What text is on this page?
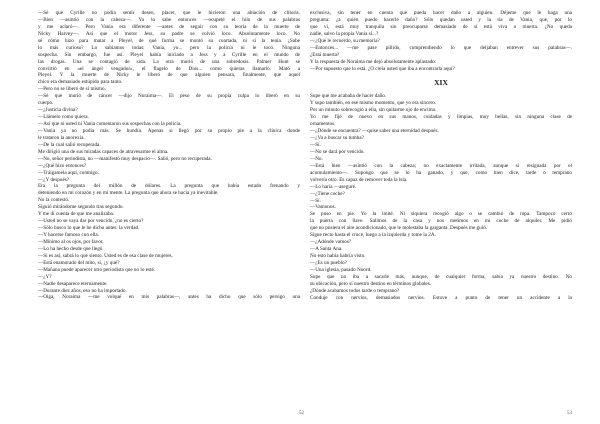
—Sé que Cyrille no podía sentir deseo, placer, que le hicieron una ablación de clítoris.
—Bien —asintió con la cabeza—. Yo lo sabe entonces —ocupeté el hilo de sus palabras
y me aclaró—. Pero Vania era diferente —antes de seguir con su teoría de la muerte de
Nicky Harvey—. Así que el motor Jess, su padre se volvió loco. Absolutamente loco. No
sé cómo hizo para matar a Pleyel, de qué forma se montó su coartada, ni si la tenía. ¿Sabe
lo más curioso? Lo sabíamos todas: Vania, yo... pero la policía ni le tocó. Ninguna
sospecha. Sin embargo, fue así. Pleyel había iniciado a Jess y a Cyrille en el mundo de
las drogas. Una se contagió de sida. La otra murió de una sobredosis. Palmer Hunt se
convirtió en «el ángel vengador», el flagelo de Dios... como quieras llamarlo. Mató a
Pleyel. Y la muerte de Nicky le liberó de que alguien pensara, finalmente, que aquel
chico era demasiado estúpido para tanto.
—Pero no se liberó de sí mismo.
—Sé que murió de cáncer —dijo Noraima—. El peso de su propia culpa lo liberó en su
cuerpo.
—¿Justicia divina?
—Llámelo como quiera.
—Así que ni usted ni Vania comentaron sus sospechas con la policía.
—Vania ya no podía más. Se hundía. Apenas si llegó por su propio pie a la clínica donde
le trataron la anorexia.
—De la cual salió recuperada.
Me dirigió una de sus miradas capaces de atravesarme el alma.
—No, señor periodista, no —manifestó muy despacio—. Salió, pero no recuperada.
—¿Qué hizo entonces?
—Tráigamela aquí, conmigo.
—¿Y después?
Era la pregunta del millón de dólares. La pregunta que había estado frenando y
deteniendo en mi corazón y en mi mente. La pregunta que ahora se hacía ya inevitable.
No la contestó.
Siguió mirándome segundo tras segundo.
Y me di cuenta de que me analizaba.
—Usted no se vaya dar por vencido, ¿no es cierto?
—Sólo busco lo que le he dicho antes: la verdad.
—Y hacerse famoso con ella.
—Mínimo al os ojos, por favor.
—Lo ha hecho desde que llegó.
—Si es así, sabrá lo que siento. Usted es de esa clase de mujeres.
—Está enamorado del mito, sí, ¿y qué?
—Mañana puede aparecer otro periodista que no lo esté.
—¿Y?
—Nadie desaparece eternamente.
—Durante diez años, eso no ha importado.
—Oiga, Noraima —me volqué en mis palabras—, antes ha dicho que sólo persigo una
52
exclusiva, sin tener en cuenta que pueda hacer daño a alguien. Déjeme que le haga una
pregunta: ¿a quién puedo hacerle daño? Sólo quedan usted y la tía de Vania, que, por lo
que vi, está muy tranquila sin preocuparse demasiado de si está viva o muerta. ¿No queda
nadie, salvo la propia Vania sí...?
—¿Qué le recuerdo, su memoria?
—Entonces... —me pase pillido, comprendiendo lo que deljaban entrever sus palabras—.
¿Está muerta?
Y la respuesta de Noraima me dejó absolutamente aplastado:
—Por supuesto que lo está. ¿O creía usted que iba a encontrarla aquí?
XIX
Supe que me acababa de hacer daño.
Y supo también, en ese mismo momento, que yo era sincero.
Por un minuto sobrecogió a ella, sin quitarme ojo de encima.
Yo me fijé de nuevo en sus manos, cuidadas y limpias, muy bellas, sin ninguna clase de
ornamentos.
—¿Dónde se encuentra? —quise saber una eternidad después.
—¿Va a buscar su tumba?
—Sí.
—No se dará por vencido.
—No.
—Está bien —asintió con la cabeza; no exactamente irritada, aunque sí resignada por el
acumulamiento—. Supongo que se lo ha ganado, y que, como bien dice, tarde o temprano
volvería otro. Es capaz de remover toda la isla.
—Lo haría —aseguré.
—¿Tiene coche?
—Sí.
—Vamonos.
Se puso en pie. Yo la imité. Ni siquiera recogió algo o se cambió de ropa. Tampoco cerró
la puerta con llave. Salimos de la casa y nos metimos en mi coche de alquiler. Me pidió
que no pusiera el aire acondicionado, que le molestaba la garganta. Después me guió.
Sigue recto hasta el cruce, luego a la izquierda y tome la 2A.
—¿Adónde vamos?
—A Santa Ana.
No esto había habría visto.
—¿Es un pueblo?
—Una iglesia, pasado Noord.
Supe que no iba a sacarle más, aunque, de cualquier forma, sabía ya nuestro destino. No
su ubicación, pero sí nuestro destino en términos globales.
¿Dónde acabamos todos tarde o temprano?
Conduje con nervios, demasiados nervios. Estuve a punto de tener un accidente a la
53
